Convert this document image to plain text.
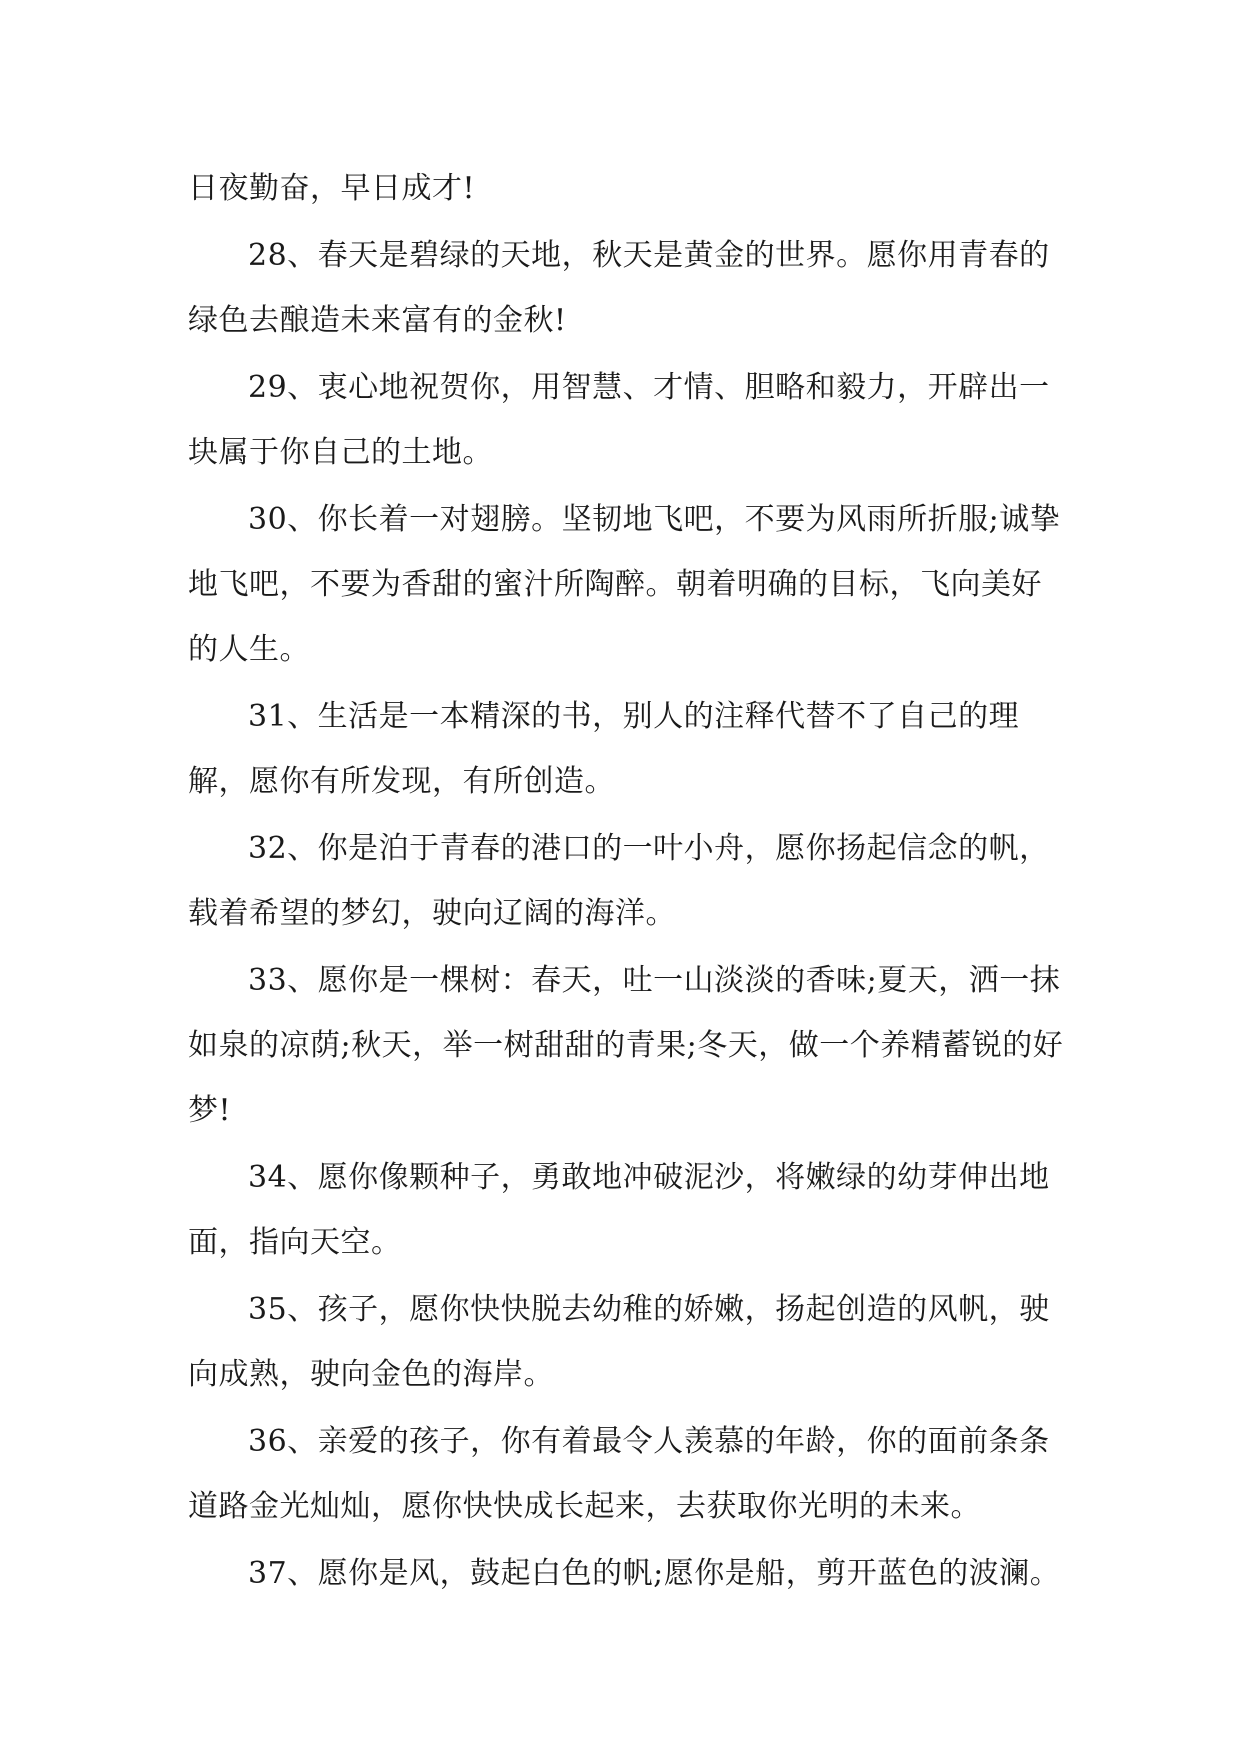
日夜勤奋，早日成才!

28、春天是碧绿的天地，秋天是黄金的世界。愿你用青春的绿色去酿造未来富有的金秋!

29、衷心地祝贺你，用智慧、才情、胆略和毅力，开辟出一块属于你自己的土地。

30、你长着一对翅膀。坚韧地飞吧，不要为风雨所折服;诚挚地飞吧，不要为香甜的蜜汁所陶醉。朝着明确的目标，飞向美好的人生。

31、生活是一本精深的书，别人的注释代替不了自己的理解，愿你有所发现，有所创造。

32、你是泊于青春的港口的一叶小舟，愿你扬起信念的帆，载着希望的梦幻，驶向辽阔的海洋。

33、愿你是一棵树：春天，吐一山淡淡的香味;夏天，洒一抹如泉的凉荫;秋天，举一树甜甜的青果;冬天，做一个养精蓄锐的好梦!

34、愿你像颗种子，勇敢地冲破泥沙，将嫩绿的幼芽伸出地面，指向天空。

35、孩子，愿你快快脱去幼稚的娇嫩，扬起创造的风帆，驶向成熟，驶向金色的海岸。

36、亲爱的孩子，你有着最令人羡慕的年龄，你的面前条条道路金光灿灿，愿你快快成长起来，去获取你光明的未来。

37、愿你是风，鼓起白色的帆;愿你是船，剪开蓝色的波澜。
